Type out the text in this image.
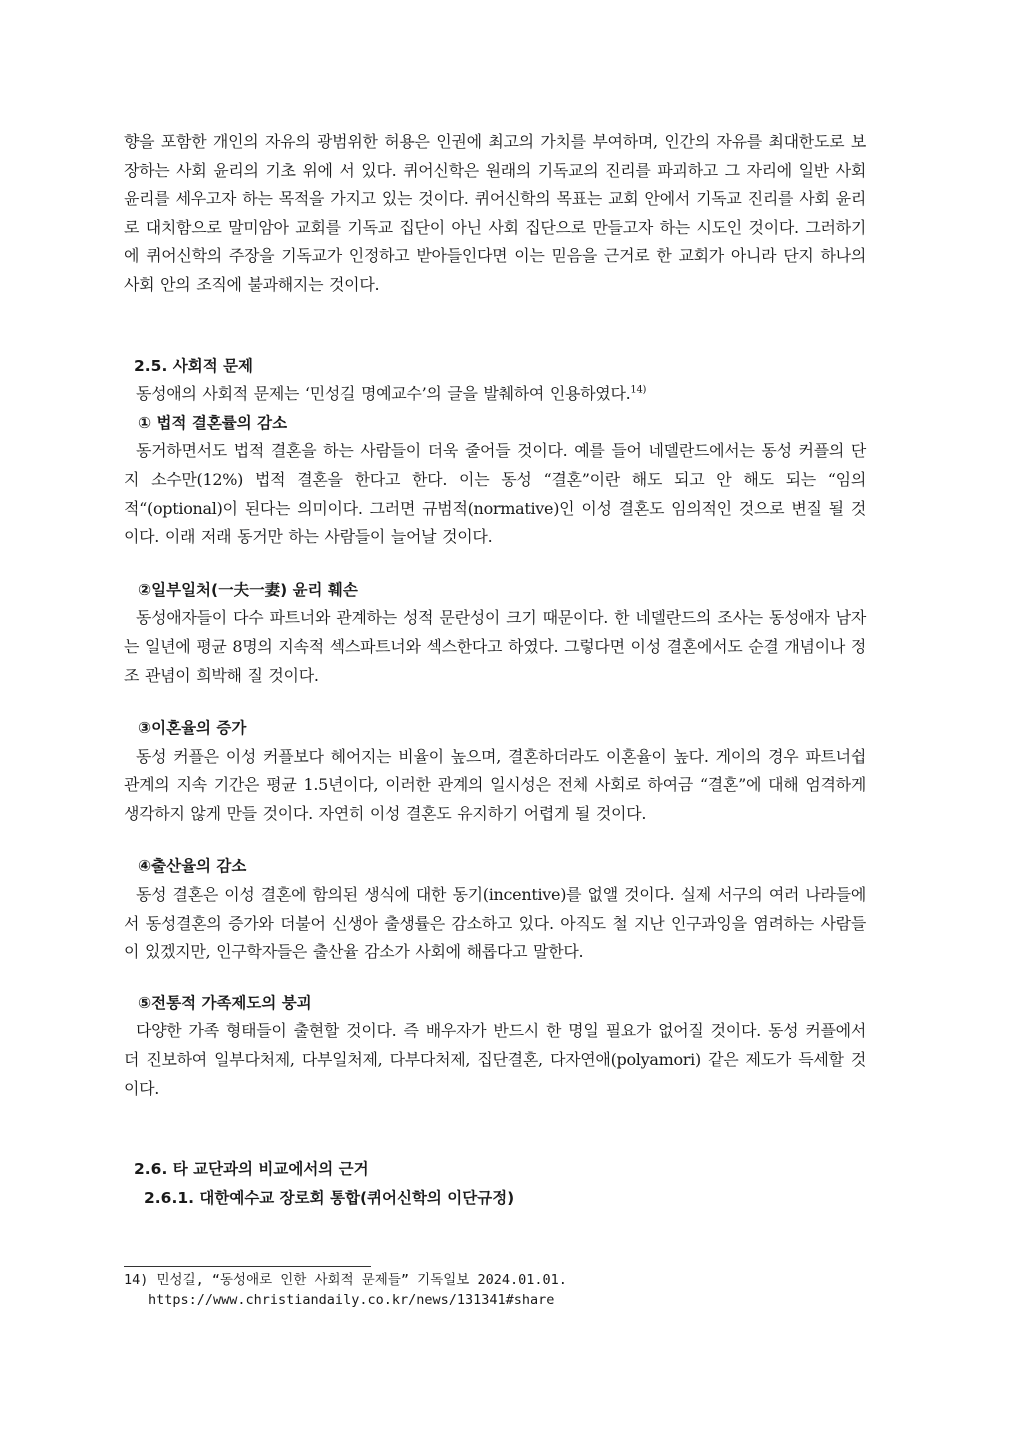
향을 포함한 개인의 자유의 광범위한 허용은 인권에 최고의 가치를 부여하며, 인간의 자유를 최대한도로 보장하는 사회 윤리의 기초 위에 서 있다. 퀴어신학은 원래의 기독교의 진리를 파괴하고 그 자리에 일반 사회 윤리를 세우고자 하는 목적을 가지고 있는 것이다. 퀴어신학의 목표는 교회 안에서 기독교 진리를 사회 윤리로 대치함으로 말미암아 교회를 기독교 집단이 아닌 사회 집단으로 만들고자 하는 시도인 것이다. 그러하기에 퀴어신학의 주장을 기독교가 인정하고 받아들인다면 이는 믿음을 근거로 한 교회가 아니라 단지 하나의 사회 안의 조직에 불과해지는 것이다.

2.5. 사회적 문제

동성애의 사회적 문제는 ‘민성길 명예교수’의 글을 발췌하여 인용하였다.$^{14)}$

① 법적 결혼률의 감소

동거하면서도 법적 결혼을 하는 사람들이 더욱 줄어들 것이다. 예를 들어 네델란드에서는 동성 커플의 단지 소수만(12%) 법적 결혼을 한다고 한다. 이는 동성 “결혼”이란 해도 되고 안 해도 되는 “임의적“(optional)이 된다는 의미이다. 그러면 규범적(normative)인 이성 결혼도 임의적인 것으로 변질 될 것이다. 이래 저래 동거만 하는 사람들이 늘어날 것이다.

②일부일처(一夫一妻) 윤리 훼손

동성애자들이 다수 파트너와 관계하는 성적 문란성이 크기 때문이다. 한 네델란드의 조사는 동성애자 남자는 일년에 평균 8명의 지속적 섹스파트너와 섹스한다고 하였다. 그렇다면 이성 결혼에서도 순결 개념이나 정조 관념이 희박해 질 것이다.

③이혼율의 증가

동성 커플은 이성 커플보다 헤어지는 비율이 높으며, 결혼하더라도 이혼율이 높다. 게이의 경우 파트너쉽 관계의 지속 기간은 평균 1.5년이다, 이러한 관계의 일시성은 전체 사회로 하여금 “결혼”에 대해 엄격하게 생각하지 않게 만들 것이다. 자연히 이성 결혼도 유지하기 어렵게 될 것이다.

④출산율의 감소

동성 결혼은 이성 결혼에 함의된 생식에 대한 동기(incentive)를 없앨 것이다. 실제 서구의 여러 나라들에서 동성결혼의 증가와 더불어 신생아 출생률은 감소하고 있다. 아직도 철 지난 인구과잉을 염려하는 사람들이 있겠지만, 인구학자들은 출산율 감소가 사회에 해롭다고 말한다.

⑤전통적 가족제도의 붕괴

다양한 가족 형태들이 출현할 것이다. 즉 배우자가 반드시 한 명일 필요가 없어질 것이다. 동성 커플에서 더 진보하여 일부다처제, 다부일처제, 다부다처제, 집단결혼, 다자연애(polyamori) 같은 제도가 득세할 것이다.

2.6. 타 교단과의 비교에서의 근거
2.6.1. 대한예수교 장로회 통합(퀴어신학의 이단규정)
14) 민성길, “동성애로 인한 사회적 문제들” 기독일보 2024.01.01.
https://www.christiandaily.co.kr/news/131341#share
